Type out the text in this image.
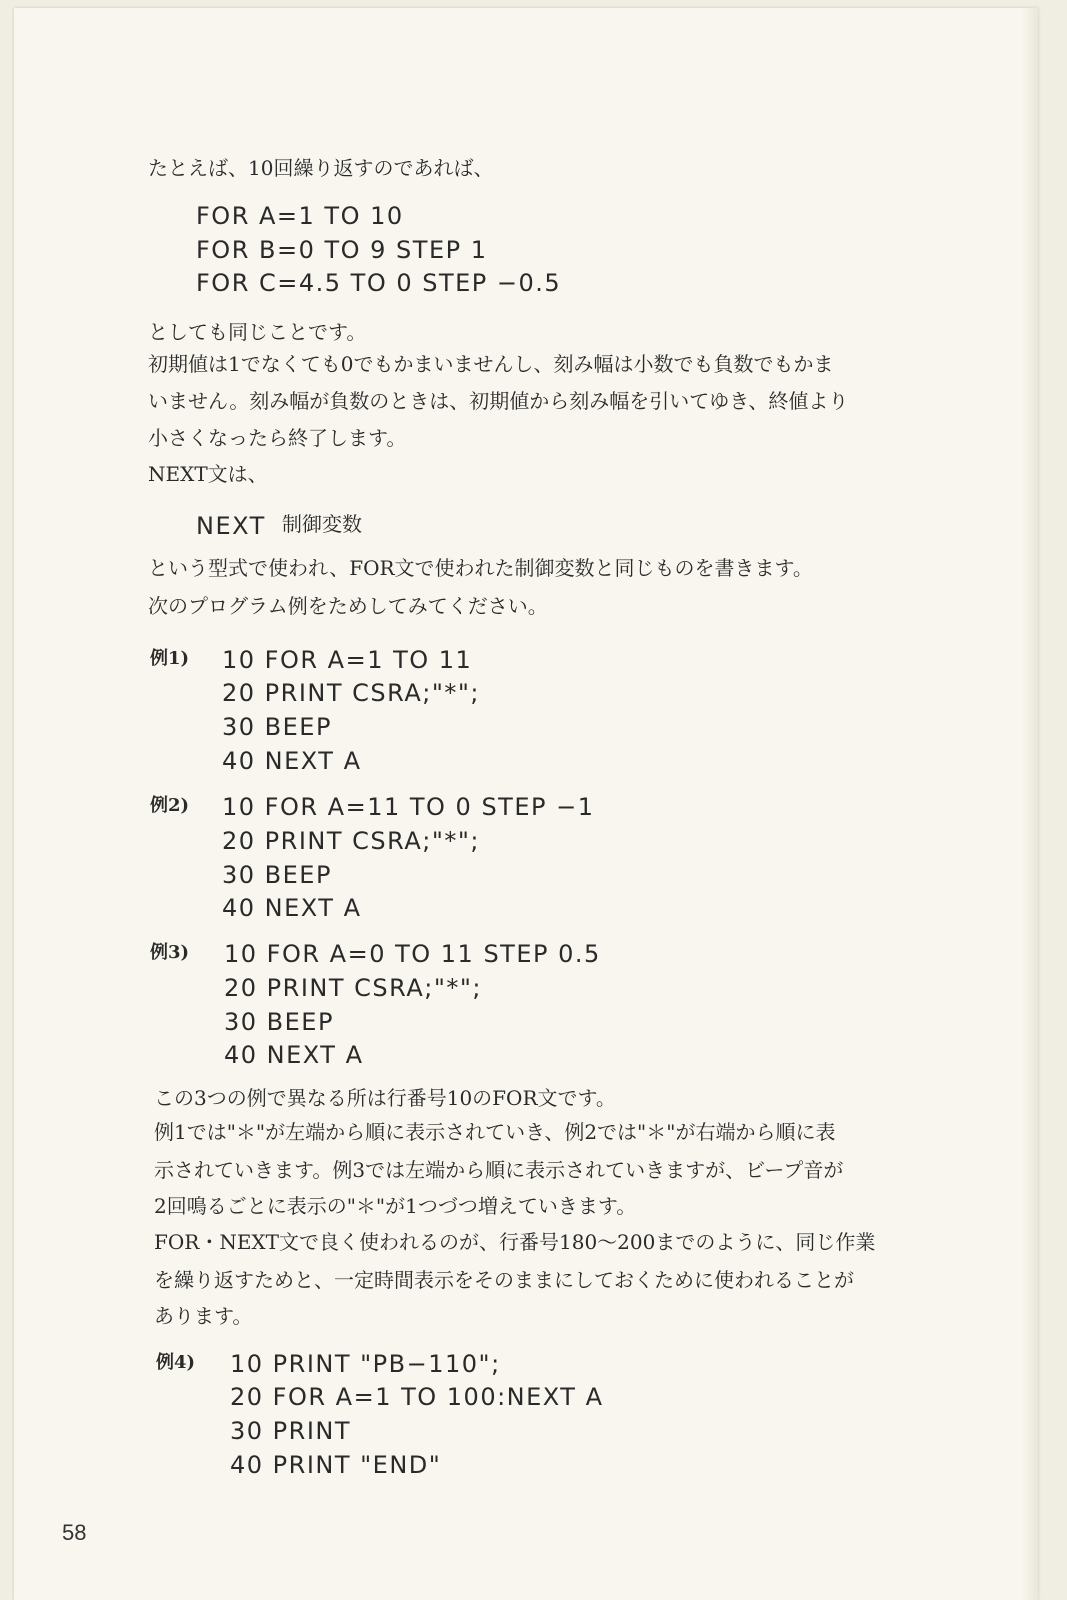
たとえば、10回繰り返すのであれば、
FOR A=1 TO 10
FOR B=0 TO 9 STEP 1
FOR C=4.5 TO 0 STEP −0.5
としても同じことです。
初期値は1でなくても0でもかまいませんし、刻み幅は小数でも負数でもかま
いません。刻み幅が負数のときは、初期値から刻み幅を引いてゆき、終値より
小さくなったら終了します。
NEXT文は、
NEXT 制御変数
という型式で使われ、FOR文で使われた制御変数と同じものを書きます。
次のプログラム例をためしてみてください。
例1) 10 FOR A=1 TO 11
20 PRINT CSRA;"*";
30 BEEP
40 NEXT A
例2) 10 FOR A=11 TO 0 STEP −1
20 PRINT CSRA;"*";
30 BEEP
40 NEXT A
例3) 10 FOR A=0 TO 11 STEP 0.5
20 PRINT CSRA;"*";
30 BEEP
40 NEXT A
この3つの例で異なる所は行番号10のFOR文です。
例1では"＊"が左端から順に表示されていき、例2では"＊"が右端から順に表
示されていきます。例3では左端から順に表示されていきますが、ビープ音が
2回鳴るごとに表示の"＊"が1つづつ増えていきます。
FOR・NEXT文で良く使われるのが、行番号180〜200までのように、同じ作業
を繰り返すためと、一定時間表示をそのままにしておくために使われることが
あります。
例4) 10 PRINT "PB−110";
20 FOR A=1 TO 100:NEXT A
30 PRINT
40 PRINT "END"
58
